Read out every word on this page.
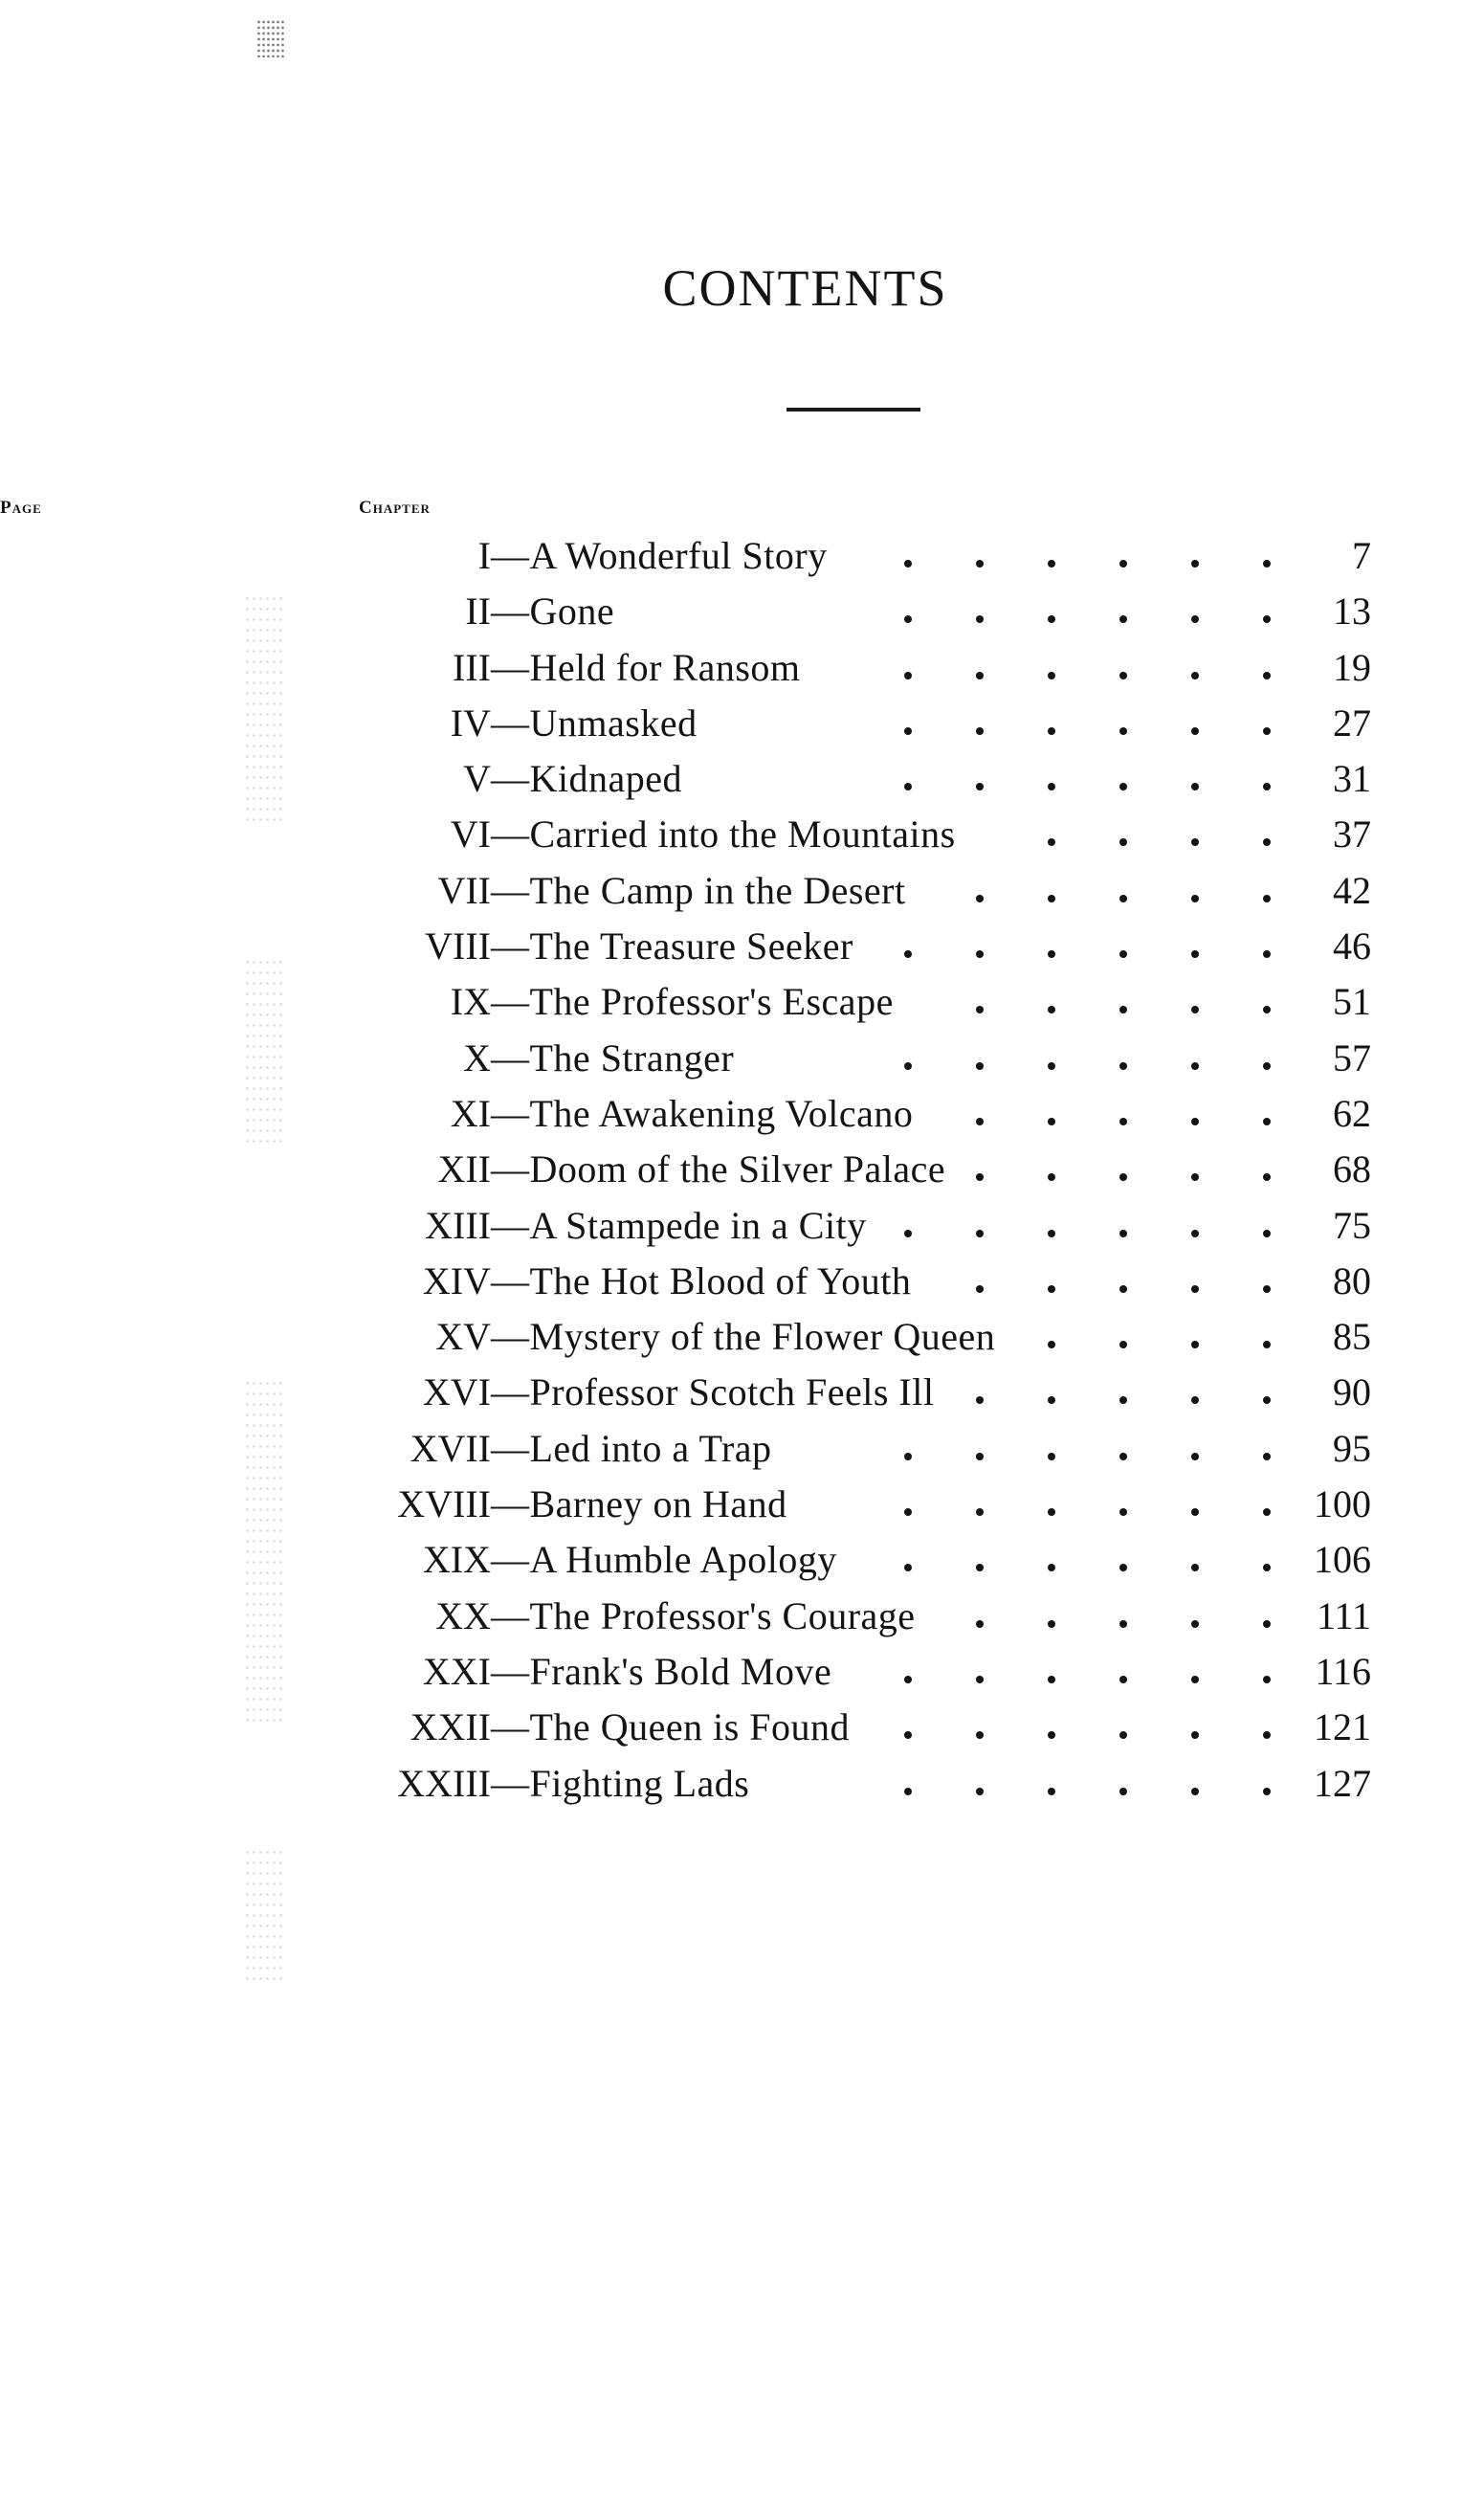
CONTENTS
Chapter
Page
I	— A Wonderful Story	7
II	— Gone	13
III	— Held for Ransom	19
IV	— Unmasked	27
V	— Kidnaped	31
VI	— Carried into the Mountains	37
VII	— The Camp in the Desert	42
VIII	— The Treasure Seeker	46
IX	— The Professor's Escape	51
X	— The Stranger	57
XI	— The Awakening Volcano	62
XII	— Doom of the Silver Palace	68
XIII	— A Stampede in a City	75
XIV	— The Hot Blood of Youth	80
XV	— Mystery of the Flower Queen	85
XVI	— Professor Scotch Feels Ill	90
XVII	— Led into a Trap	95
XVIII	— Barney on Hand	100
XIX	— A Humble Apology	106
XX	— The Professor's Courage	111
XXI	— Frank's Bold Move	116
XXII	— The Queen is Found	121
XXIII	— Fighting Lads	127
